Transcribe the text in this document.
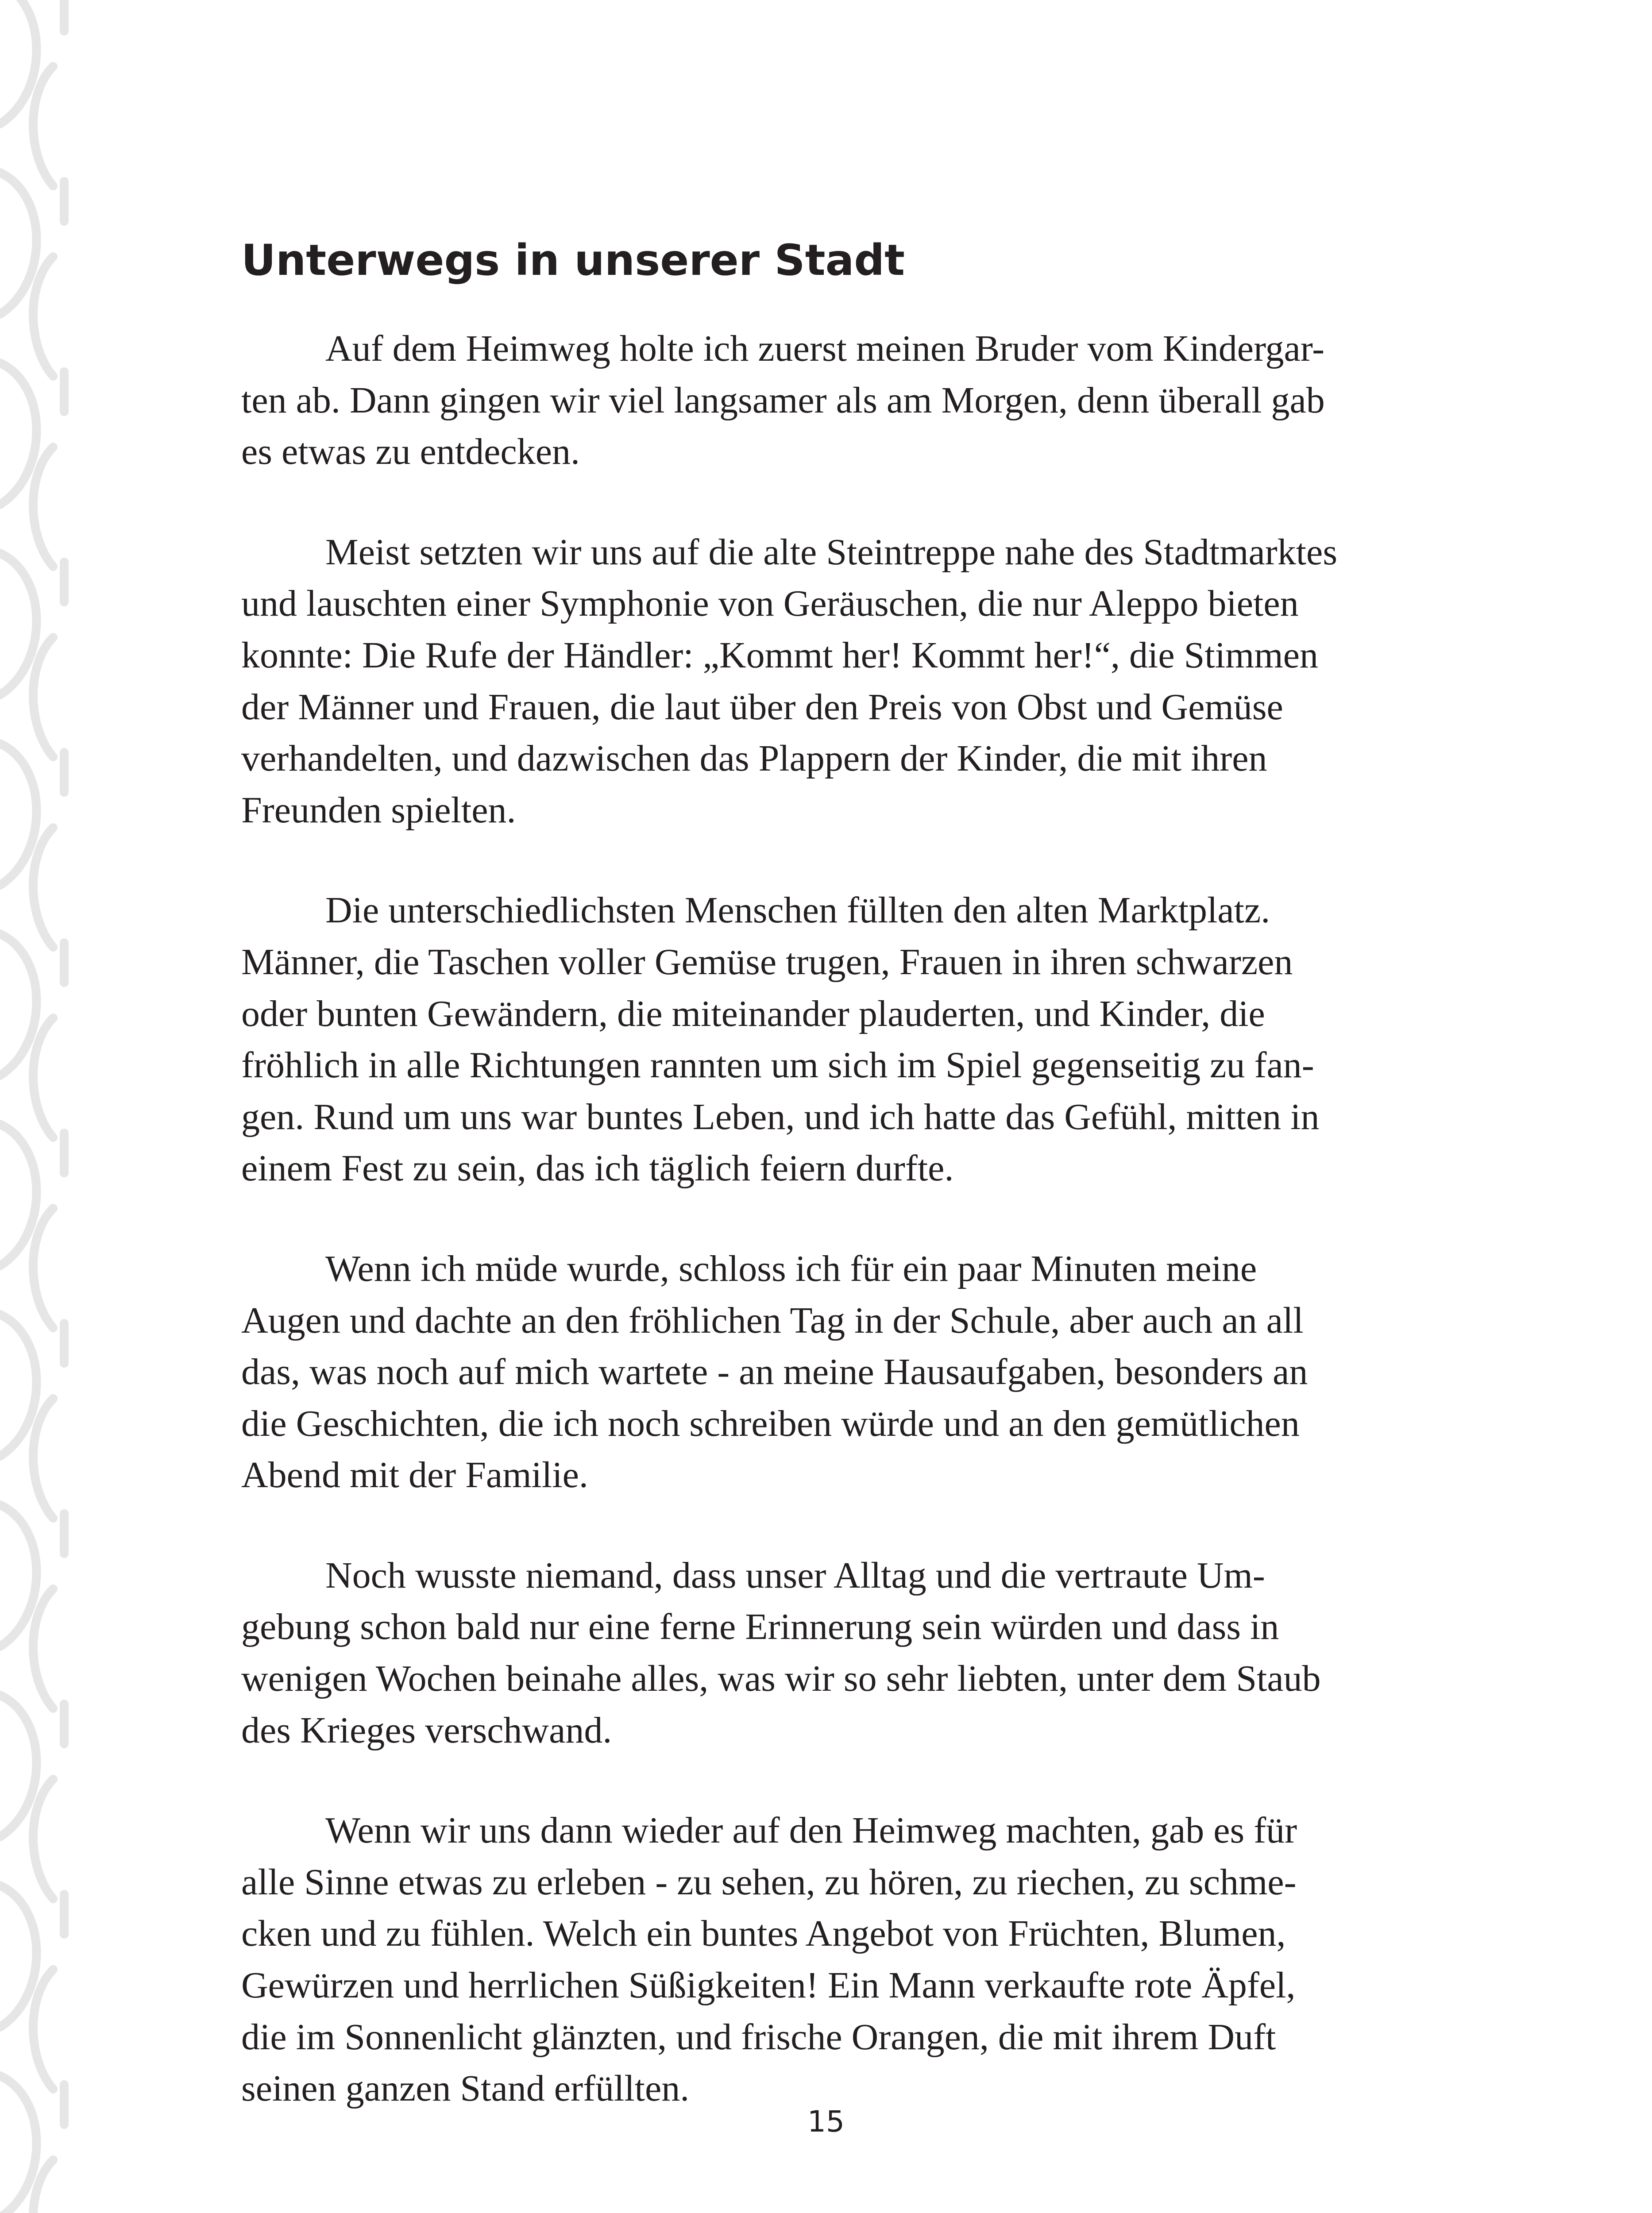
Unterwegs in unserer Stadt

Auf dem Heimweg holte ich zuerst meinen Bruder vom Kindergar-
ten ab. Dann gingen wir viel langsamer als am Morgen, denn überall gab
es etwas zu entdecken.

Meist setzten wir uns auf die alte Steintreppe nahe des Stadtmarktes
und lauschten einer Symphonie von Geräuschen, die nur Aleppo bieten
konnte: Die Rufe der Händler: „Kommt her! Kommt her!“, die Stimmen
der Männer und Frauen, die laut über den Preis von Obst und Gemüse
verhandelten, und dazwischen das Plappern der Kinder, die mit ihren
Freunden spielten.

Die unterschiedlichsten Menschen füllten den alten Marktplatz.
Männer, die Taschen voller Gemüse trugen, Frauen in ihren schwarzen
oder bunten Gewändern, die miteinander plauderten, und Kinder, die
fröhlich in alle Richtungen rannten um sich im Spiel gegenseitig zu fan-
gen. Rund um uns war buntes Leben, und ich hatte das Gefühl, mitten in
einem Fest zu sein, das ich täglich feiern durfte.

Wenn ich müde wurde, schloss ich für ein paar Minuten meine
Augen und dachte an den fröhlichen Tag in der Schule, aber auch an all
das, was noch auf mich wartete - an meine Hausaufgaben, besonders an
die Geschichten, die ich noch schreiben würde und an den gemütlichen
Abend mit der Familie.

Noch wusste niemand, dass unser Alltag und die vertraute Um-
gebung schon bald nur eine ferne Erinnerung sein würden und dass in
wenigen Wochen beinahe alles, was wir so sehr liebten, unter dem Staub
des Krieges verschwand.

Wenn wir uns dann wieder auf den Heimweg machten, gab es für
alle Sinne etwas zu erleben - zu sehen, zu hören, zu riechen, zu schme-
cken und zu fühlen. Welch ein buntes Angebot von Früchten, Blumen,
Gewürzen und herrlichen Süßigkeiten! Ein Mann verkaufte rote Äpfel,
die im Sonnenlicht glänzten, und frische Orangen, die mit ihrem Duft
seinen ganzen Stand erfüllten.

15
